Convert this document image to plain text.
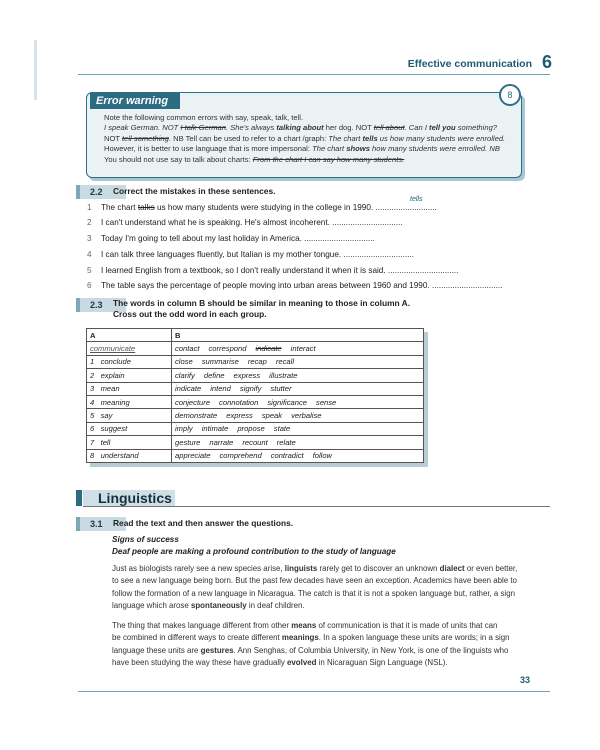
Effective communication 6
Error warning	8

Note the following common errors with say, speak, talk, tell.

I speak German. NOT I talk German. She's always talking about her dog. NOT tell about. Can I tell you something?

NOT tell something. NB Tell can be used to refer to a chart /graph: The chart tells us how many students were enrolled.

However, it is better to use language that is more impersonal: The chart shows how many students were enrolled. NB

You should not use say to talk about charts: From the chart I can say how many students.

2.2	Correct the mistakes in these sentences.
1 The chart talks us how many students were studying in the college in 1990. ...........................
tells
2 I can't understand what he is speaking. He's almost incoherent. ...............................
3 Today I'm going to tell about my last holiday in America. ...............................
4 I can talk three languages fluently, but Italian is my mother tongue. ...............................
5 I learned English from a textbook, so I don't really understand it when it is said. ...............................
6 The table says the percentage of people moving into urban areas between 1960 and 1990. ...............................
2.3	The words in column B should be similar in meaning to those in column A.
Cross out the odd word in each group.
A	B
communicate	contact correspond indicate interact
1 conclude	close summarise recap recall
2 explain	clarify define express illustrate
3 mean	indicate intend signify stutter
4 meaning	conjecture connotation significance sense
5 say	demonstrate express speak verbalise
6 suggest	imply intimate propose state
7 tell	gesture narrate recount relate
8 understand	appreciate comprehend contradict follow
Linguistics
3.1	Read the text and then answer the questions.
Signs of success
Deaf people are making a profound contribution to the study of language

Just as biologists rarely see a new species arise, linguists rarely get to discover an unknown dialect or even better,

to see a new language being born. But the past few decades have seen an exception. Academics have been able to

follow the formation of a new language in Nicaragua. The catch is that it is not a spoken language but, rather, a sign

language which arose spontaneously in deaf children.

The thing that makes language different from other means of communication is that it is made of units that can

be combined in different ways to create different meanings. In a spoken language these units are words; in a sign

language these units are gestures. Ann Senghas, of Columbia University, in New York, is one of the linguists who

have been studying the way these have gradually evolved in Nicaraguan Sign Language (NSL).

33
